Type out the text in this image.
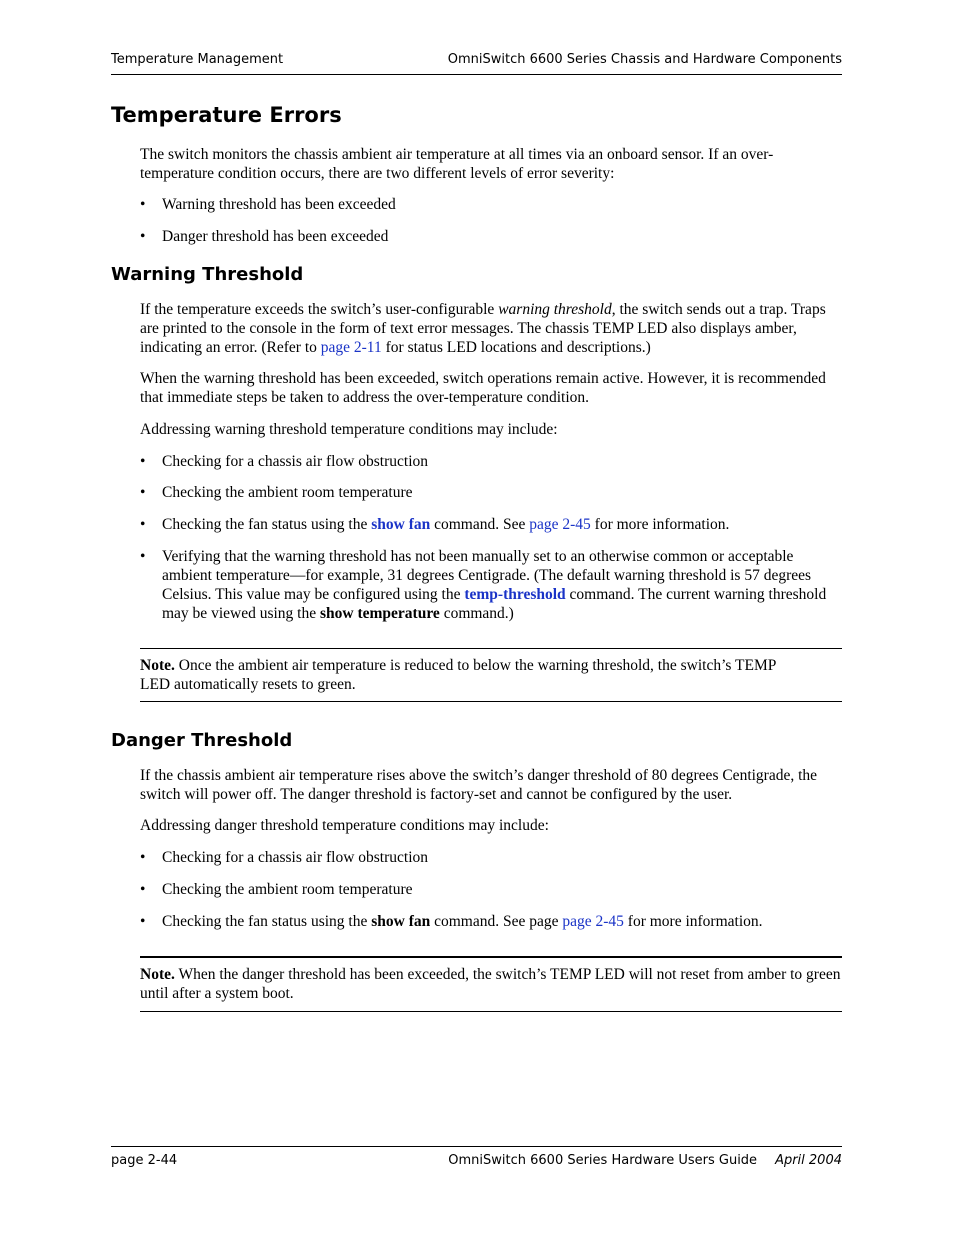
Temperature Management	OmniSwitch 6600 Series Chassis and Hardware Components
Temperature Errors

The switch monitors the chassis ambient air temperature at all times via an onboard sensor. If an over-temperature condition occurs, there are two different levels of error severity:

•	Warning threshold has been exceeded
•	Danger threshold has been exceeded
Warning Threshold

If the temperature exceeds the switch’s user-configurable warning threshold, the switch sends out a trap. Traps are printed to the console in the form of text error messages. The chassis TEMP LED also displays amber, indicating an error. (Refer to page 2-11 for status LED locations and descriptions.)

When the warning threshold has been exceeded, switch operations remain active. However, it is recommended that immediate steps be taken to address the over-temperature condition.

Addressing warning threshold temperature conditions may include:

•	Checking for a chassis air flow obstruction
•	Checking the ambient room temperature
•	Checking the fan status using the show fan command. See page 2-45 for more information.
•	Verifying that the warning threshold has not been manually set to an otherwise common or acceptable ambient temperature—for example, 31 degrees Centigrade. (The default warning threshold is 57 degrees Celsius. This value may be configured using the temp-threshold command. The current warning threshold may be viewed using the show temperature command.)

Note. Once the ambient air temperature is reduced to below the warning threshold, the switch’s TEMP LED automatically resets to green.

Danger Threshold

If the chassis ambient air temperature rises above the switch’s danger threshold of 80 degrees Centigrade, the switch will power off. The danger threshold is factory-set and cannot be configured by the user.

Addressing danger threshold temperature conditions may include:

•	Checking for a chassis air flow obstruction
•	Checking the ambient room temperature
•	Checking the fan status using the show fan command. See page page 2-45 for more information.

Note. When the danger threshold has been exceeded, the switch’s TEMP LED will not reset from amber to green until after a system boot.

page 2-44	OmniSwitch 6600 Series Hardware Users Guide April 2004
